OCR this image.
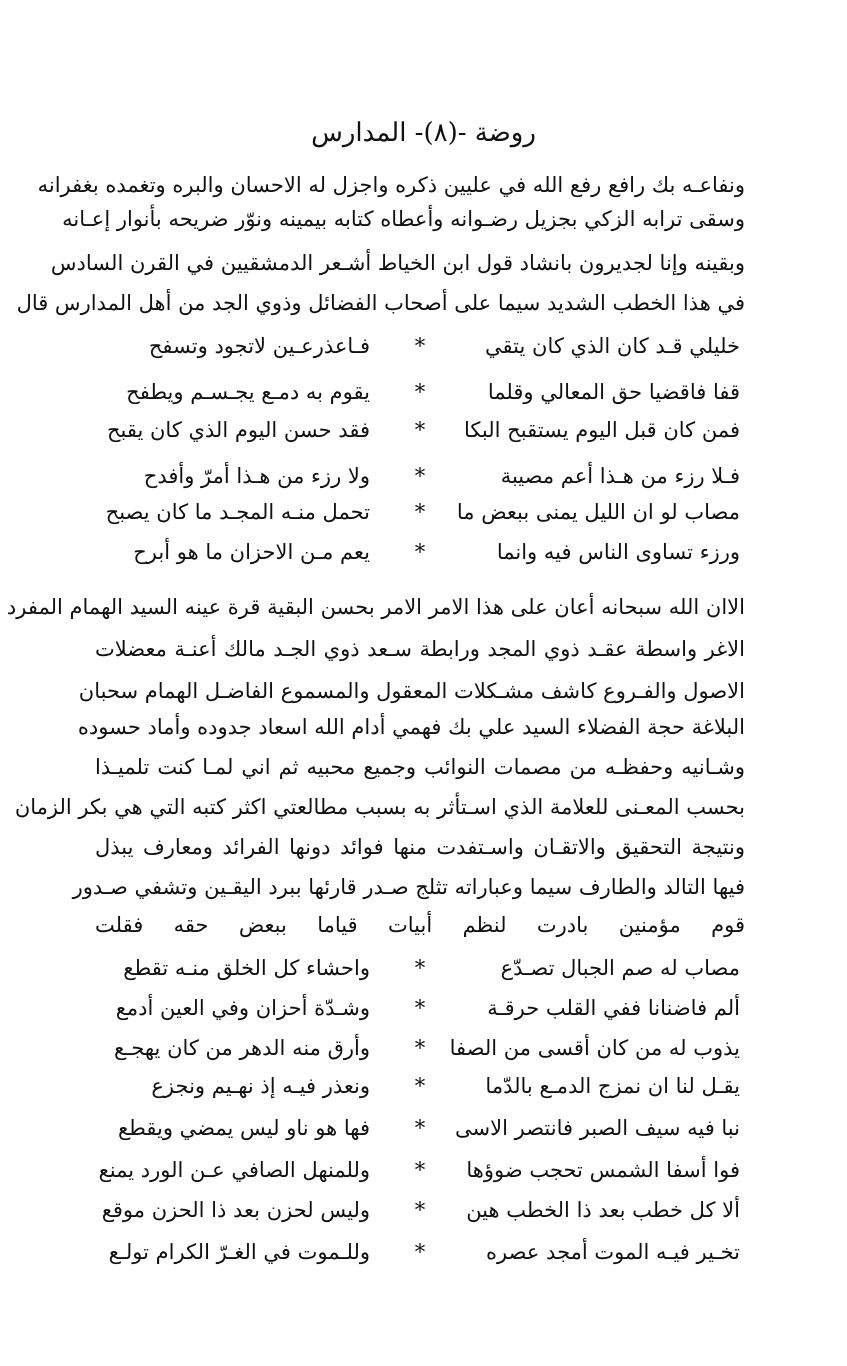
روضة -(٨)- المدارس
ونفاعـه بك رافع رفع الله في عليين ذكره واجزل له الاحسان والبره وتغمده بغفرانه
وسقى ترابه الزكي بجزيل رضـوانه وأعطاه كتابه بيمينه ونوّر ضريحه بأنوار إعـانه
وبقينه وإنا لجديرون بانشاد قول ابن الخياط أشـعر الدمشقيين في القرن السادس
في هذا الخطب الشديد سيما على أصحاب الفضائل وذوي الجد من أهل المدارس قال
خليلي قـد كان الذي كان يتقي
*
فـاعذرعـين لاتجود وتسفح
قفا فاقضيا حق المعالي وقلما
*
يقوم به دمـع يجـسـم ويطفح
فمن كان قبل اليوم يستقبح البكا
*
فقد حسن اليوم الذي كان يقبح
فـلا رزء من هـذا أعم مصيبة
*
ولا رزء من هـذا أمرّ وأفدح
مصاب لو ان الليل يمنى ببعض ما
*
تحمل منـه المجـد ما كان يصبح
ورزء تساوى الناس فيه وانما
*
يعم مـن الاحزان ما هو أبرح
الاان الله سبحانه أعان على هذا الامر الامر بحسن البقية قرة عينه السيد الهمام المفرد
الاغر واسطة عقـد ذوي المجد ورابطة سـعد ذوي الجـد مالك أعنـة معضلات
الاصول والفـروع كاشف مشـكلات المعقول والمسموع الفاضـل الهمام سحبان
البلاغة حجة الفضلاء السيد علي بك فهمي أدام الله اسعاد جدوده وأماد حسوده
وشـانيه وحفظـه من مصمات النوائب وجميع محبيه ثم اني لمـا كنت تلميـذا
بحسب المعـنى للعلامة الذي اسـتأثر به بسبب مطالعتي اكثر كتبه التي هي بكر الزمان
ونتيجة التحقيق والاتقـان واسـتفدت منها فوائد دونها الفرائد ومعارف يبذل
فيها التالد والطارف سيما وعباراته تثلج صـدر قارئها ببرد اليقـين وتشفي صـدور
قوم مؤمنين بادرت لنظم أبيات قياما ببعض حقه فقلت
مصاب له صم الجبال تصـدّع
*
واحشاء كل الخلق منـه تقطع
ألم فاضنانا ففي القلب حرقـة
*
وشـدّة أحزان وفي العين أدمع
يذوب له من كان أقسى من الصفا
*
وأرق منه الدهر من كان يهجـع
يقـل لنا ان نمزج الدمـع بالدّما
*
ونعذر فيـه إذ نهـيم ونجزع
نبا فيه سيف الصبر فانتصر الاسى
*
فها هو ناو ليس يمضي ويقطع
فوا أسفا الشمس تحجب ضوؤها
*
وللمنهل الصافي عـن الورد يمنع
ألا كل خطب بعد ذا الخطب هين
*
وليس لحزن بعد ذا الحزن موقع
تخـير فيـه الموت أمجد عصره
*
وللـموت في الغـرّ الكرام تولـع
